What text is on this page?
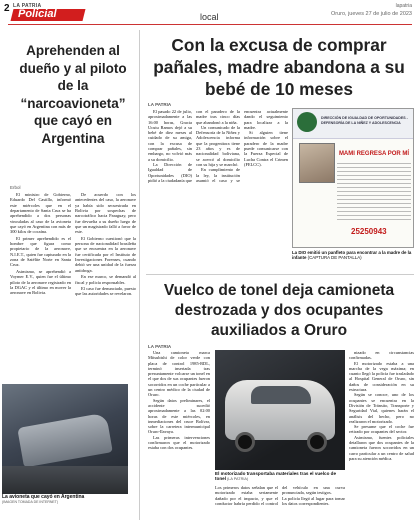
2 LA PATRIA
Policial	local
lapatria
Oruro, jueves 27 de julio de 2023
Aprehenden al dueño y al piloto de la “narcoavioneta” que cayó en Argentina
Erbol

El ministro de Gobierno, Eduardo Del Castillo, informó este miércoles que en el departamento de Santa Cruz se ha aprehendido a dos personas vinculadas al caso de la avioneta que cayó en Argentina con más de 300 kilos de cocaína.

El primer aprehendido es el hombre que figura como propietario de la aeronave, N.I.E.T., quien fue capturado en la zona de Satélite Norte en Santa Cruz.

Asimismo, se aprehendió a Voymer E.V., quien fue el último piloto de la aeronave registrado en la DGAC y el último en mover la aeronave en Bolivia.

De acuerdo con los antecedentes del caso, la aeronave ya había sido secuestrada en Bolivia por sospechas de narcotráfico hacia Paraguay, pero fue devuelta a su dueño luego de que un magistrado falló a favor de este.

El Gobierno cuestionó que la persona de nacionalidad brasileña que se encuentra en la aeronave fue certificada por el Instituto de Investigaciones Forenses, cuando debió ser una unidad de la fuerza antidroga.

En ese marco, se demandó al fiscal y policía responsables.

El caso fue denunciado, puesto que las autoridades se revelaron.

La avioneta que cayó en Argentina
(IMAGEN TOMADA DE INTERNET)
Con la excusa de comprar pañales, madre abandona a su bebé de 10 meses
LA PATRIA

El pasado 22 de julio, aproximadamente a las 16:00 horas, Gracia Ucutu Ramos dejó a su bebé de diez meses al cuidado de su amiga, con la excusa de comprar pañales, sin embargo, no volvió más a su domicilio.

La Dirección de Igualdad de Oportunidades (DIO) pidió a la ciudadanía que con el paradero de la madre tras cinco días que abandonó a la niña.

Un comunicado de la Defensoría de la Niñez y Adolescencia informa que la progenitora tiene 23 años y es de nacionalidad boliviana, se acercó al domicilio con su hija y se marchó.

En cumplimiento de la ley, la institución asumió el caso y se encuentra actualmente dando el seguimiento para localizar a la madre.

Si alguien tiene información sobre el paradero de la madre puede comunicarse con la Fuerza Especial de Lucha Contra el Crimen (FELCC).

DIRECCIÓN DE IGUALDAD DE OPORTUNIDADES - DEFENSORÍA DE LA NIÑEZ Y ADOLESCENCIA
MAMI REGRESA POR MÍ
25250943
La DIO emitió un panfleto para encontrar a la madre de la infante (CAPTURA DE PANTALLA)
Vuelco de tonel deja camioneta destrozada y dos ocupantes auxiliados a Oruro
LA PATRIA

Una camioneta marca Mitsubishi de color verde con placa de control 1985-RDL, terminó insertada tras presuntamente volcarse un tonel en el que dos de sus ocupantes fueron socorridos en un coche particular a un centro médico de la ciudad de Oruro.

Según datos preliminares, el accidente sucedió aproximadamente a las 02:00 horas de este miércoles, en inmediaciones del cruce Bolívar, sobre la carretera intermunicipal Oruro-Ilavaya.

Las primeras intervenciones confirmaron que el motorizado estaba con dos ocupantes.

El motorizado transportaba materiales tras el vuelco de tonel (LA PATRIA)

Los primeros datos señalan que el motorizado estaba seriamente dañado por el impacto, y que el conductor habría perdido el control del vehículo en una curva pronunciada, según testigos.

La policía llegó al lugar para tomar los datos correspondientes.

nizado en circunstancias confirmadas.

El motorizado estaba a una marcha de la vega máxima; en cuanto llegó la policía fue trasladado al Hospital General de Oruro, sin daños de consideración en su estructura.

Según se conoce, uno de los ocupantes se encuentra en la División de Tránsito, Transporte y Seguridad Vial, quienes harán el análisis del hecho, pero no realizaron el motorizado.

Se presume que el coche fue retirado por ocupantes del sector.

Asimismo, fuentes policiales detallaron que dos ocupantes de la camioneta fueron socorridos en un carro particular a un centro de salud para su atención médica.
